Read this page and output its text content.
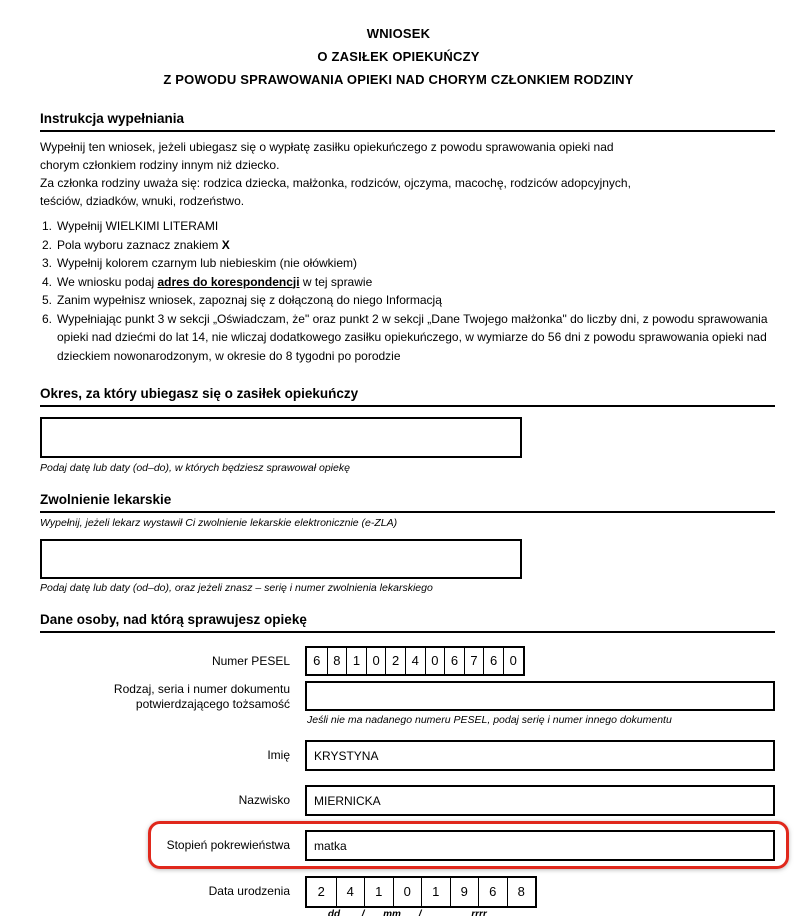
WNIOSEK
O ZASIŁEK OPIEKUŃCZY
Z POWODU SPRAWOWANIA OPIEKI NAD CHORYM CZŁONKIEM RODZINY
Instrukcja wypełniania
Wypełnij ten wniosek, jeżeli ubiegasz się o wypłatę zasiłku opiekuńczego z powodu sprawowania opieki nad
chorym członkiem rodziny innym niż dziecko.
Za członka rodziny uważa się: rodzica dziecka, małżonka, rodziców, ojczyma, macochę, rodziców adopcyjnych,
teściów, dziadków, wnuki, rodzeństwo.
1. Wypełnij WIELKIMI LITERAMI
2. Pola wyboru zaznacz znakiem X
3. Wypełnij kolorem czarnym lub niebieskim (nie ołówkiem)
4. We wniosku podaj adres do korespondencji w tej sprawie
5. Zanim wypełnisz wniosek, zapoznaj się z dołączoną do niego Informacją
6. Wypełniając punkt 3 w sekcji „Oświadczam, że" oraz punkt 2 w sekcji „Dane Twojego małżonka" do liczby dni, z powodu sprawowania opieki nad dziećmi do lat 14, nie wliczaj dodatkowego zasiłku opiekuńczego, w wymiarze do 56 dni z powodu sprawowania opieki nad dzieckiem nowonarodzonym, w okresie do 8 tygodni po porodzie
Okres, za który ubiegasz się o zasiłek opiekuńczy
Podaj datę lub daty (od–do), w których będziesz sprawował opiekę
Zwolnienie lekarskie
Wypełnij, jeżeli lekarz wystawił Ci zwolnienie lekarskie elektronicznie (e-ZLA)
Podaj datę lub daty (od–do), oraz jeżeli znasz – serię i numer zwolnienia lekarskiego
Dane osoby, nad którą sprawujesz opiekę
Numer PESEL	6 8 1 0 2 4 0 6 7 6 0
Rodzaj, seria i numer dokumentu
potwierdzającego tożsamość
Jeśli nie ma nadanego numeru PESEL, podaj serię i numer innego dokumentu
Imię	KRYSTYNA
Nazwisko	MIERNICKA
Stopień pokrewieństwa	matka
Data urodzenia	2	4	1	0	1	9	6	8
dd	/	mm	/	rrrr
